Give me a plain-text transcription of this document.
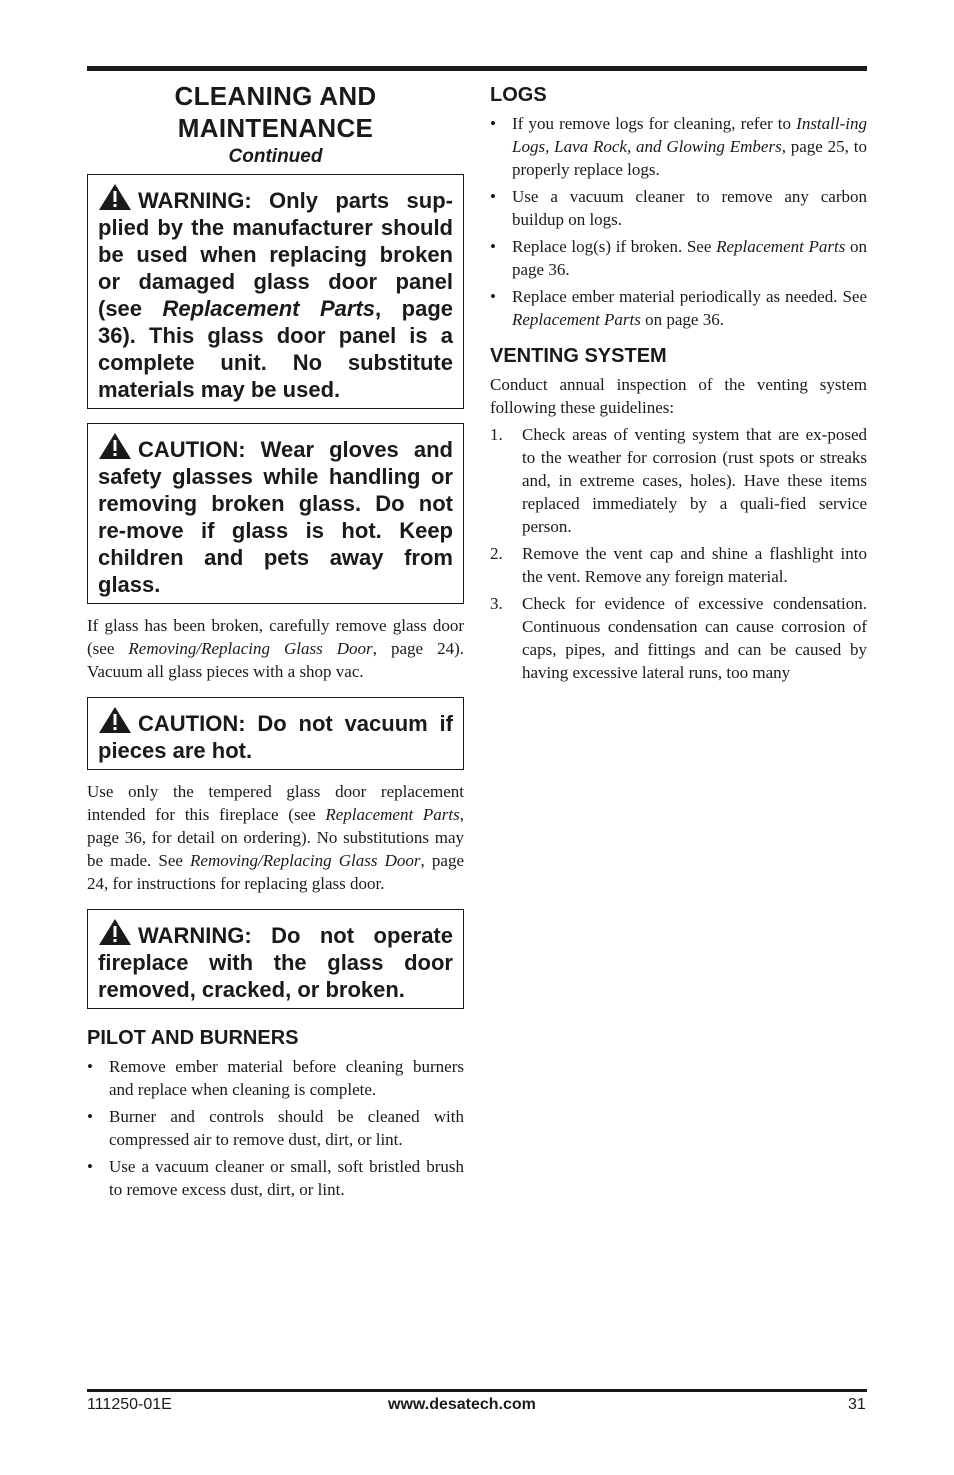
CLEANING AND
MAINTENANCE
Continued
WARNING: Only parts sup-plied by the manufacturer should be used when replacing broken or damaged glass door panel (see Replacement Parts, page 36). This glass door panel is a complete unit. No substitute materials may be used.
CAUTION: Wear gloves and safety glasses while handling or removing broken glass. Do not re-move if glass is hot. Keep children and pets away from glass.

If glass has been broken, carefully remove glass door (see Removing/Replacing Glass Door, page 24). Vacuum all glass pieces with a shop vac.

CAUTION: Do not vacuum if pieces are hot.

Use only the tempered glass door replacement intended for this fireplace (see Replacement Parts, page 36, for detail on ordering). No substitutions may be made. See Removing/Replacing Glass Door, page 24, for instructions for replacing glass door.

WARNING: Do not operate fireplace with the glass door removed, cracked, or broken.
PILOT AND BURNERS
• Remove ember material before cleaning burners and replace when cleaning is complete.
• Burner and controls should be cleaned with compressed air to remove dust, dirt, or lint.
• Use a vacuum cleaner or small, soft bristled brush to remove excess dust, dirt, or lint.
LOGS
• If you remove logs for cleaning, refer to Install-ing Logs, Lava Rock, and Glowing Embers, page 25, to properly replace logs.
• Use a vacuum cleaner to remove any carbon buildup on logs.
• Replace log(s) if broken. See Replacement Parts on page 36.
• Replace ember material periodically as needed. See Replacement Parts on page 36.
VENTING SYSTEM

Conduct annual inspection of the venting system following these guidelines:

1. Check areas of venting system that are ex-posed to the weather for corrosion (rust spots or streaks and, in extreme cases, holes). Have these items replaced immediately by a quali-fied service person.
2. Remove the vent cap and shine a flashlight into the vent. Remove any foreign material.
3. Check for evidence of excessive condensation. Continuous condensation can cause corrosion of caps, pipes, and fittings and can be caused by having excessive lateral runs, too many
111250-01E	www.desatech.com	31
